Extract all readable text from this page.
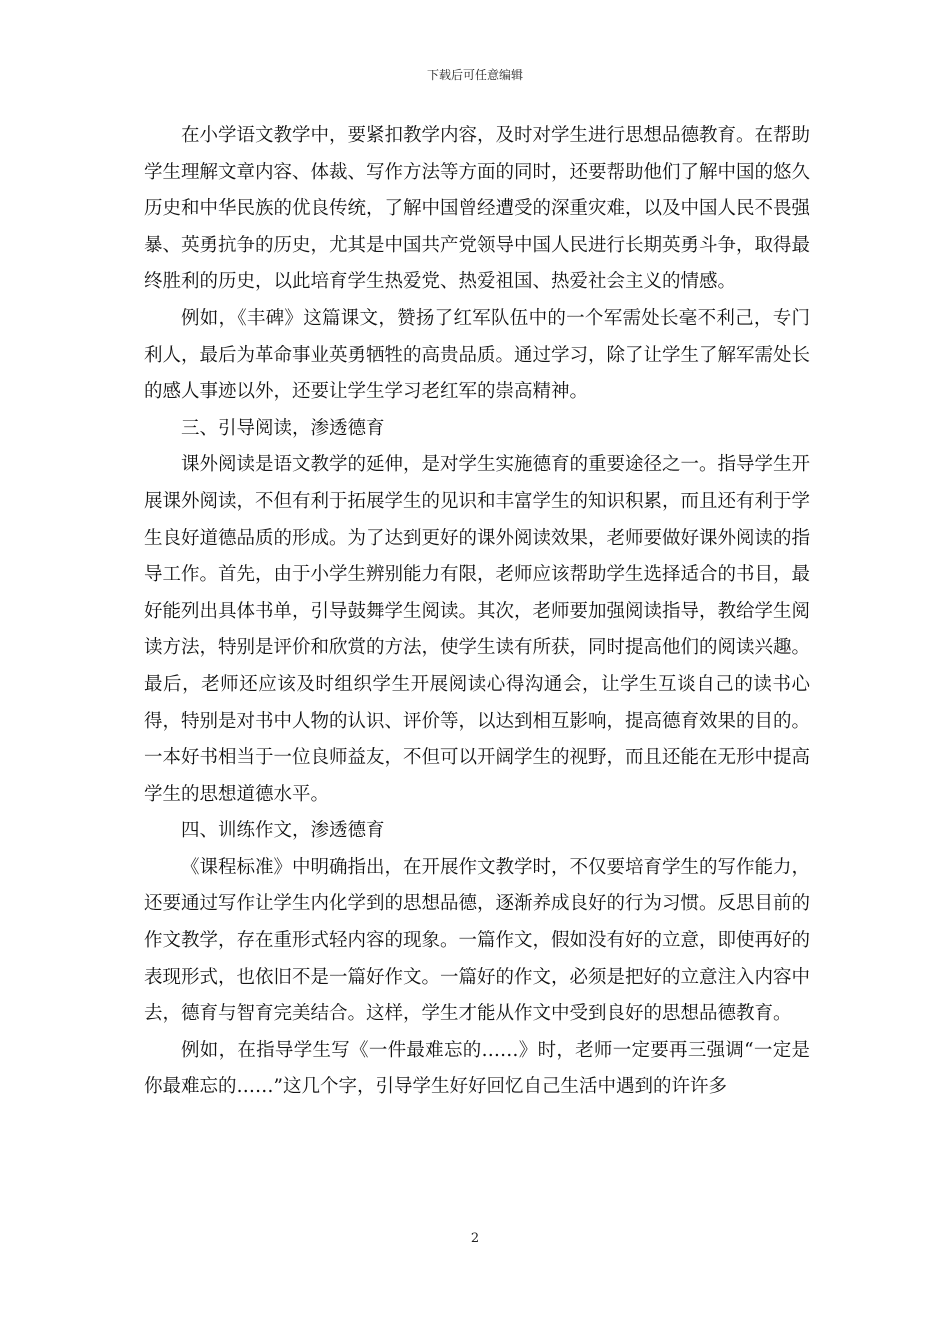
下载后可任意编辑

在小学语文教学中，要紧扣教学内容，及时对学生进行思想品德教育。在帮助学生理解文章内容、体裁、写作方法等方面的同时，还要帮助他们了解中国的悠久历史和中华民族的优良传统，了解中国曾经遭受的深重灾难，以及中国人民不畏强暴、英勇抗争的历史，尤其是中国共产党领导中国人民进行长期英勇斗争，取得最终胜利的历史，以此培育学生热爱党、热爱祖国、热爱社会主义的情感。

例如，《丰碑》这篇课文，赞扬了红军队伍中的一个军需处长毫不利己，专门利人，最后为革命事业英勇牺牲的高贵品质。通过学习，除了让学生了解军需处长的感人事迹以外，还要让学生学习老红军的崇高精神。

三、引导阅读，渗透德育

课外阅读是语文教学的延伸，是对学生实施德育的重要途径之一。指导学生开展课外阅读，不但有利于拓展学生的见识和丰富学生的知识积累，而且还有利于学生良好道德品质的形成。为了达到更好的课外阅读效果，老师要做好课外阅读的指导工作。首先，由于小学生辨别能力有限，老师应该帮助学生选择适合的书目，最好能列出具体书单，引导鼓舞学生阅读。其次，老师要加强阅读指导，教给学生阅读方法，特别是评价和欣赏的方法，使学生读有所获，同时提高他们的阅读兴趣。最后，老师还应该及时组织学生开展阅读心得沟通会，让学生互谈自己的读书心得，特别是对书中人物的认识、评价等，以达到相互影响，提高德育效果的目的。一本好书相当于一位良师益友，不但可以开阔学生的视野，而且还能在无形中提高学生的思想道德水平。

四、训练作文，渗透德育

《课程标准》中明确指出，在开展作文教学时，不仅要培育学生的写作能力，还要通过写作让学生内化学到的思想品德，逐渐养成良好的行为习惯。反思目前的作文教学，存在重形式轻内容的现象。一篇作文，假如没有好的立意，即使再好的表现形式，也依旧不是一篇好作文。一篇好的作文，必须是把好的立意注入内容中去，德育与智育完美结合。这样，学生才能从作文中受到良好的思想品德教育。

例如，在指导学生写《一件最难忘的……》时，老师一定要再三强调“一定是你最难忘的……”这几个字，引导学生好好回忆自己生活中遇到的许许多

2
